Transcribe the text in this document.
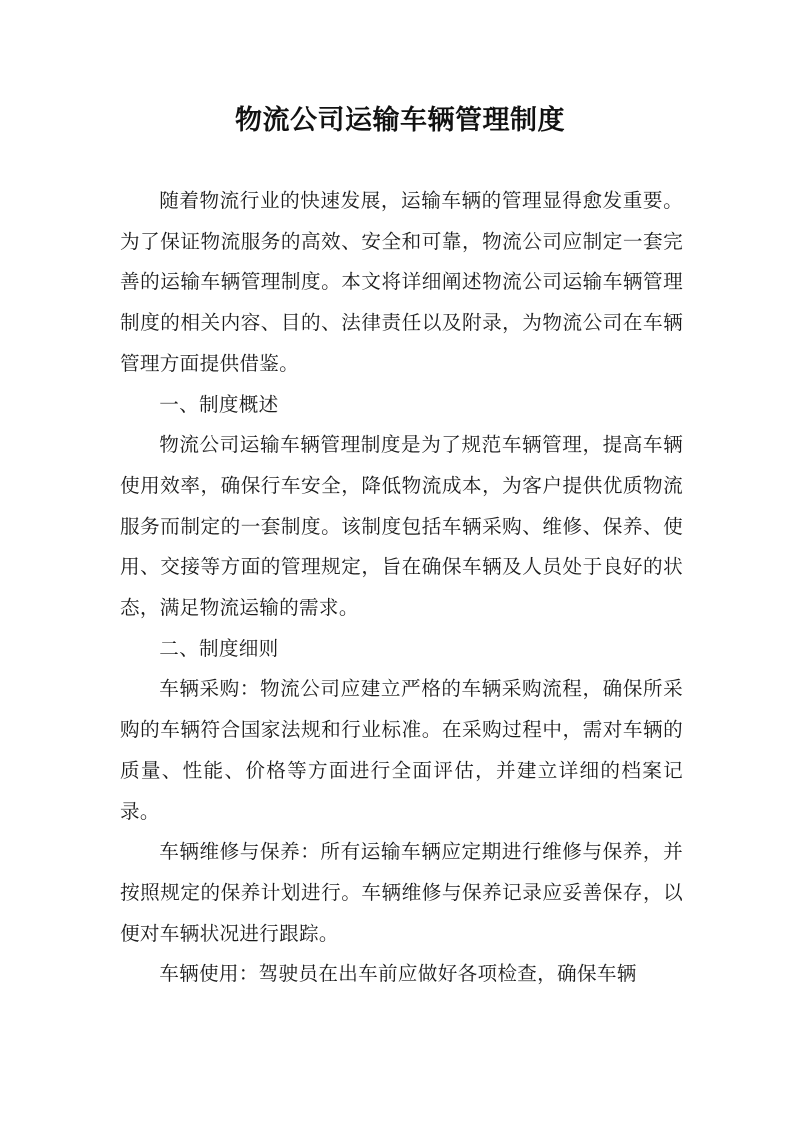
物流公司运输车辆管理制度

随着物流行业的快速发展，运输车辆的管理显得愈发重要。为了保证物流服务的高效、安全和可靠，物流公司应制定一套完善的运输车辆管理制度。本文将详细阐述物流公司运输车辆管理制度的相关内容、目的、法律责任以及附录，为物流公司在车辆管理方面提供借鉴。

一、制度概述

物流公司运输车辆管理制度是为了规范车辆管理，提高车辆使用效率，确保行车安全，降低物流成本，为客户提供优质物流服务而制定的一套制度。该制度包括车辆采购、维修、保养、使用、交接等方面的管理规定，旨在确保车辆及人员处于良好的状态，满足物流运输的需求。

二、制度细则

车辆采购：物流公司应建立严格的车辆采购流程，确保所采购的车辆符合国家法规和行业标准。在采购过程中，需对车辆的质量、性能、价格等方面进行全面评估，并建立详细的档案记录。

车辆维修与保养：所有运输车辆应定期进行维修与保养，并按照规定的保养计划进行。车辆维修与保养记录应妥善保存，以便对车辆状况进行跟踪。

车辆使用：驾驶员在出车前应做好各项检查，确保车辆
